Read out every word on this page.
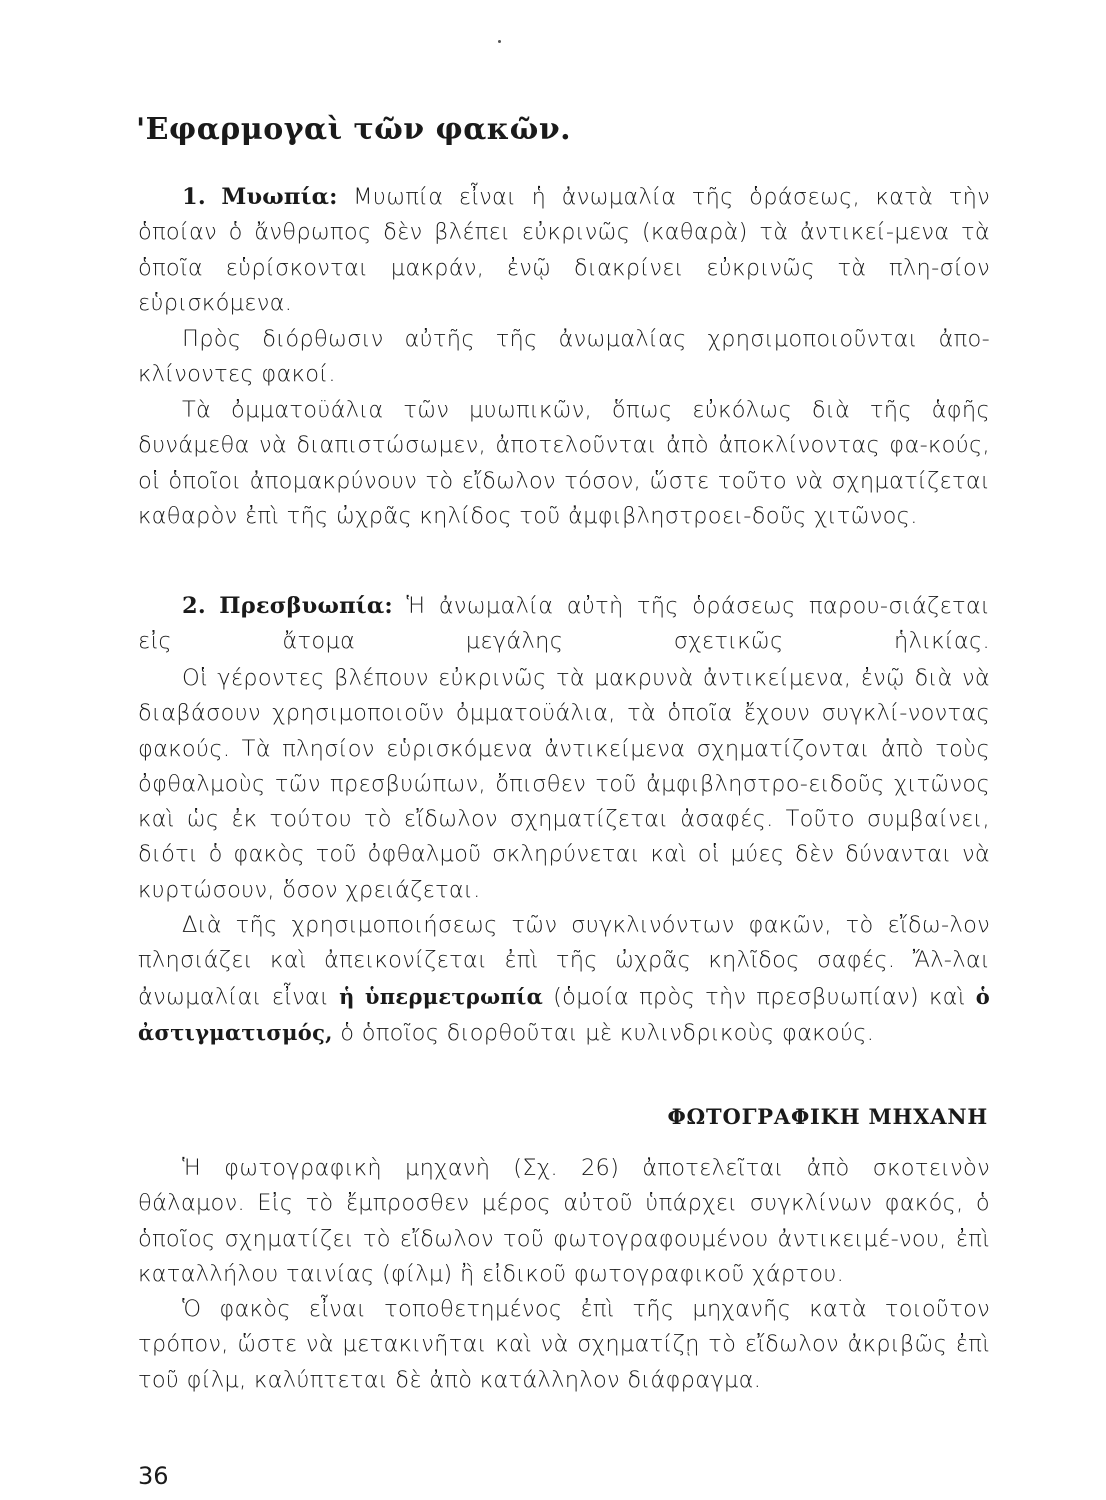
'Εφαρμογαὶ τῶν φακῶν.

1. Μυωπία: Μυωπία εἶναι ἡ ἀνωμαλία τῆς ὁράσεως, κατὰ τὴν ὁποίαν ὁ ἄνθρωπος δὲν βλέπει εὐκρινῶς (καθαρὰ) τὰ ἀντικεί-μενα τὰ ὁποῖα εὑρίσκονται μακράν, ἐνῷ διακρίνει εὐκρινῶς τὰ πλη-σίον εὑρισκόμενα.

Πρὸς διόρθωσιν αὐτῆς τῆς ἀνωμαλίας χρησιμοποιοῦνται ἀπο-κλίνοντες φακοί.

Τὰ ὀμματοϋάλια τῶν μυωπικῶν, ὅπως εὐκόλως διὰ τῆς ἁφῆς δυνάμεθα νὰ διαπιστώσωμεν, ἀποτελοῦνται ἀπὸ ἀποκλίνοντας φα-κούς, οἱ ὁποῖοι ἀπομακρύνουν τὸ εἴδωλον τόσον, ὥστε τοῦτο νὰ σχηματίζεται καθαρὸν ἐπὶ τῆς ὠχρᾶς κηλίδος τοῦ ἀμφιβληστροει-δοῦς χιτῶνος.

2. Πρεσβυωπία: Ἡ ἀνωμαλία αὐτὴ τῆς ὁράσεως παρου-σιάζεται εἰς ἄτομα μεγάλης σχετικῶς ἡλικίας.

Οἱ γέροντες βλέπουν εὐκρινῶς τὰ μακρυνὰ ἀντικείμενα, ἐνῷ διὰ νὰ διαβάσουν χρησιμοποιοῦν ὀμματοϋάλια, τὰ ὁποῖα ἔχουν συγκλί-νοντας φακούς. Τὰ πλησίον εὑρισκόμενα ἀντικείμενα σχηματίζονται ἀπὸ τοὺς ὀφθαλμοὺς τῶν πρεσβυώπων, ὄπισθεν τοῦ ἀμφιβληστρο-ειδοῦς χιτῶνος καὶ ὡς ἐκ τούτου τὸ εἴδωλον σχηματίζεται ἀσαφές. Τοῦτο συμβαίνει, διότι ὁ φακὸς τοῦ ὀφθαλμοῦ σκληρύνεται καὶ οἱ μύες δὲν δύνανται νὰ κυρτώσουν, ὅσον χρειάζεται.

Διὰ τῆς χρησιμοποιήσεως τῶν συγκλινόντων φακῶν, τὸ εἴδω-λον πλησιάζει καὶ ἀπεικονίζεται ἐπὶ τῆς ὠχρᾶς κηλῖδος σαφές. Ἄλ-λαι ἀνωμαλίαι εἶναι ἡ ὑπερμετρωπία (ὁμοία πρὸς τὴν πρεσβυωπίαν) καὶ ὁ ἀστιγματισμός, ὁ ὁποῖος διορθοῦται μὲ κυλινδρικοὺς φακούς.

ΦΩΤΟΓΡΑΦΙΚΗ ΜΗΧΑΝΗ

Ἡ φωτογραφικὴ μηχανὴ (Σχ. 26) ἀποτελεῖται ἀπὸ σκοτεινὸν θάλαμον. Εἰς τὸ ἔμπροσθεν μέρος αὐτοῦ ὑπάρχει συγκλίνων φακός, ὁ ὁποῖος σχηματίζει τὸ εἴδωλον τοῦ φωτογραφουμένου ἀντικειμέ-νου, ἐπὶ καταλλήλου ταινίας (φίλμ) ἢ εἰδικοῦ φωτογραφικοῦ χάρτου.

Ὁ φακὸς εἶναι τοποθετημένος ἐπὶ τῆς μηχανῆς κατὰ τοιοῦτον τρόπον, ὥστε νὰ μετακινῆται καὶ νὰ σχηματίζῃ τὸ εἴδωλον ἀκριβῶς ἐπὶ τοῦ φίλμ, καλύπτεται δὲ ἀπὸ κατάλληλον διάφραγμα.

36
